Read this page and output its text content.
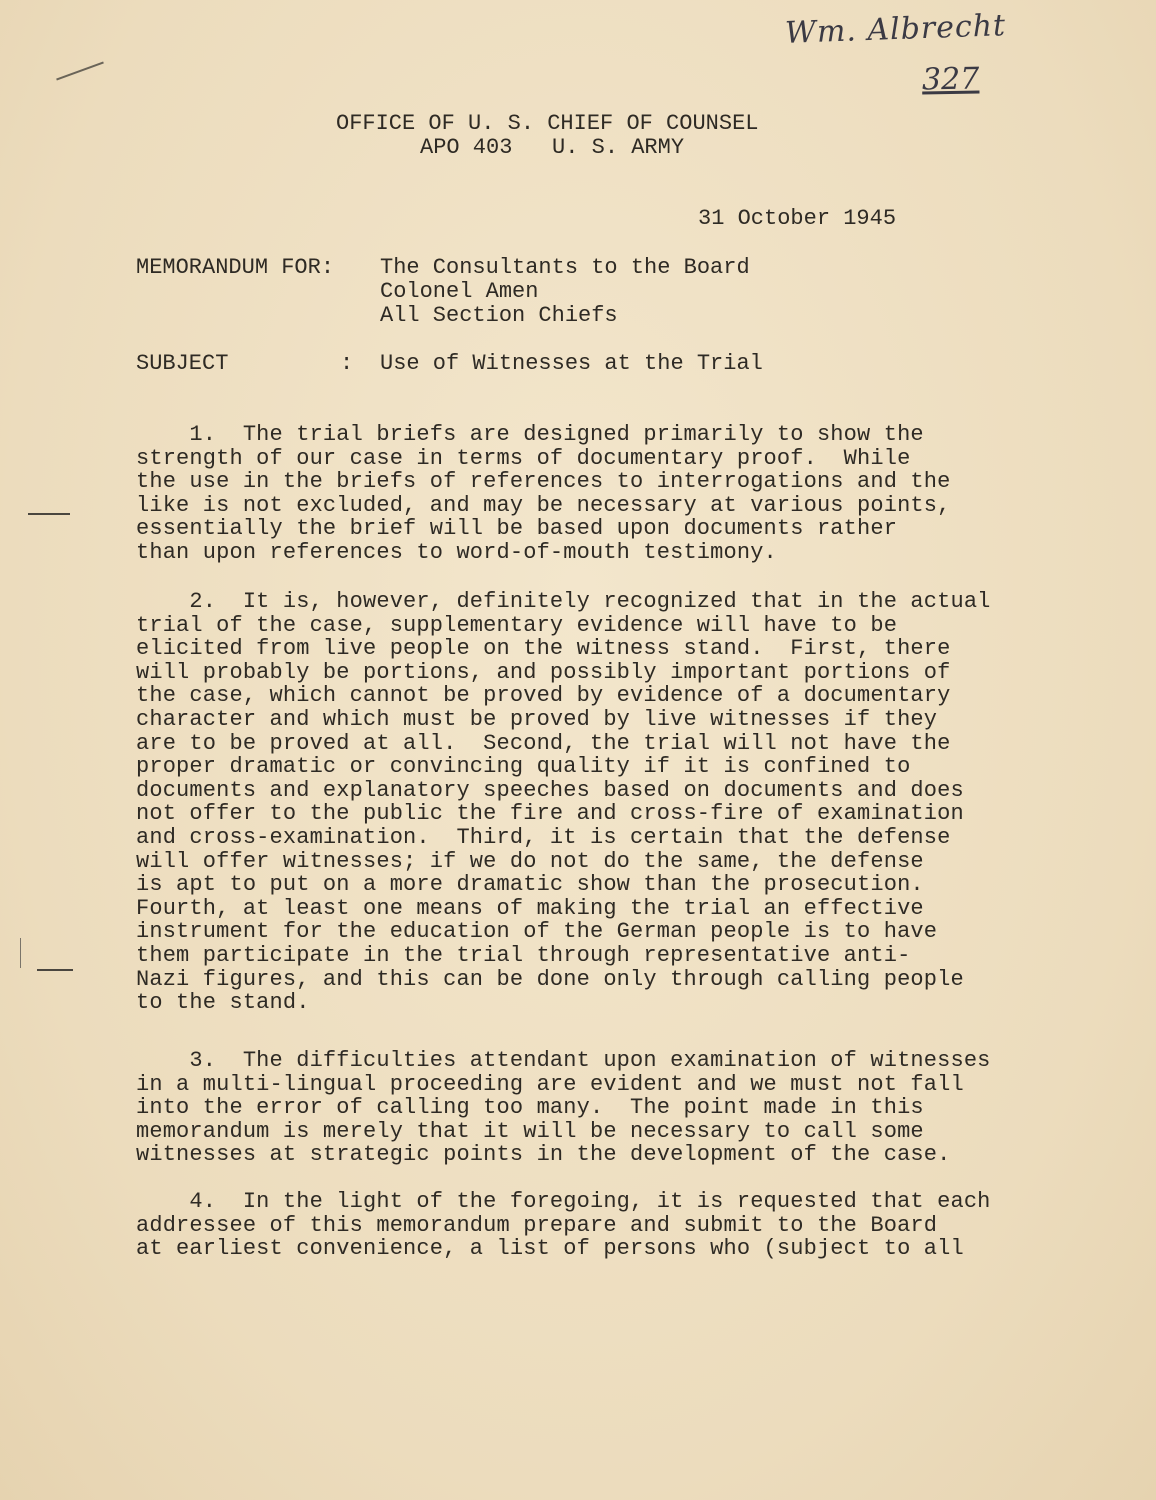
Wm. Albrecht
327
OFFICE OF U. S. CHIEF OF COUNSEL
APO 403   U. S. ARMY
31 October 1945
MEMORANDUM FOR: The Consultants to the Board
Colonel Amen
All Section Chiefs
SUBJECT	: Use of Witnesses at the Trial
1.  The trial briefs are designed primarily to show the
strength of our case in terms of documentary proof.  While
the use in the briefs of references to interrogations and the
like is not excluded, and may be necessary at various points,
essentially the brief will be based upon documents rather
than upon references to word-of-mouth testimony.
2.  It is, however, definitely recognized that in the actual
trial of the case, supplementary evidence will have to be
elicited from live people on the witness stand.  First, there
will probably be portions, and possibly important portions of
the case, which cannot be proved by evidence of a documentary
character and which must be proved by live witnesses if they
are to be proved at all.  Second, the trial will not have the
proper dramatic or convincing quality if it is confined to
documents and explanatory speeches based on documents and does
not offer to the public the fire and cross-fire of examination
and cross-examination.  Third, it is certain that the defense
will offer witnesses; if we do not do the same, the defense
is apt to put on a more dramatic show than the prosecution.
Fourth, at least one means of making the trial an effective
instrument for the education of the German people is to have
them participate in the trial through representative anti-
Nazi figures, and this can be done only through calling people
to the stand.
3.  The difficulties attendant upon examination of witnesses
in a multi-lingual proceeding are evident and we must not fall
into the error of calling too many.  The point made in this
memorandum is merely that it will be necessary to call some
witnesses at strategic points in the development of the case.
4.  In the light of the foregoing, it is requested that each
addressee of this memorandum prepare and submit to the Board
at earliest convenience, a list of persons who (subject to all
